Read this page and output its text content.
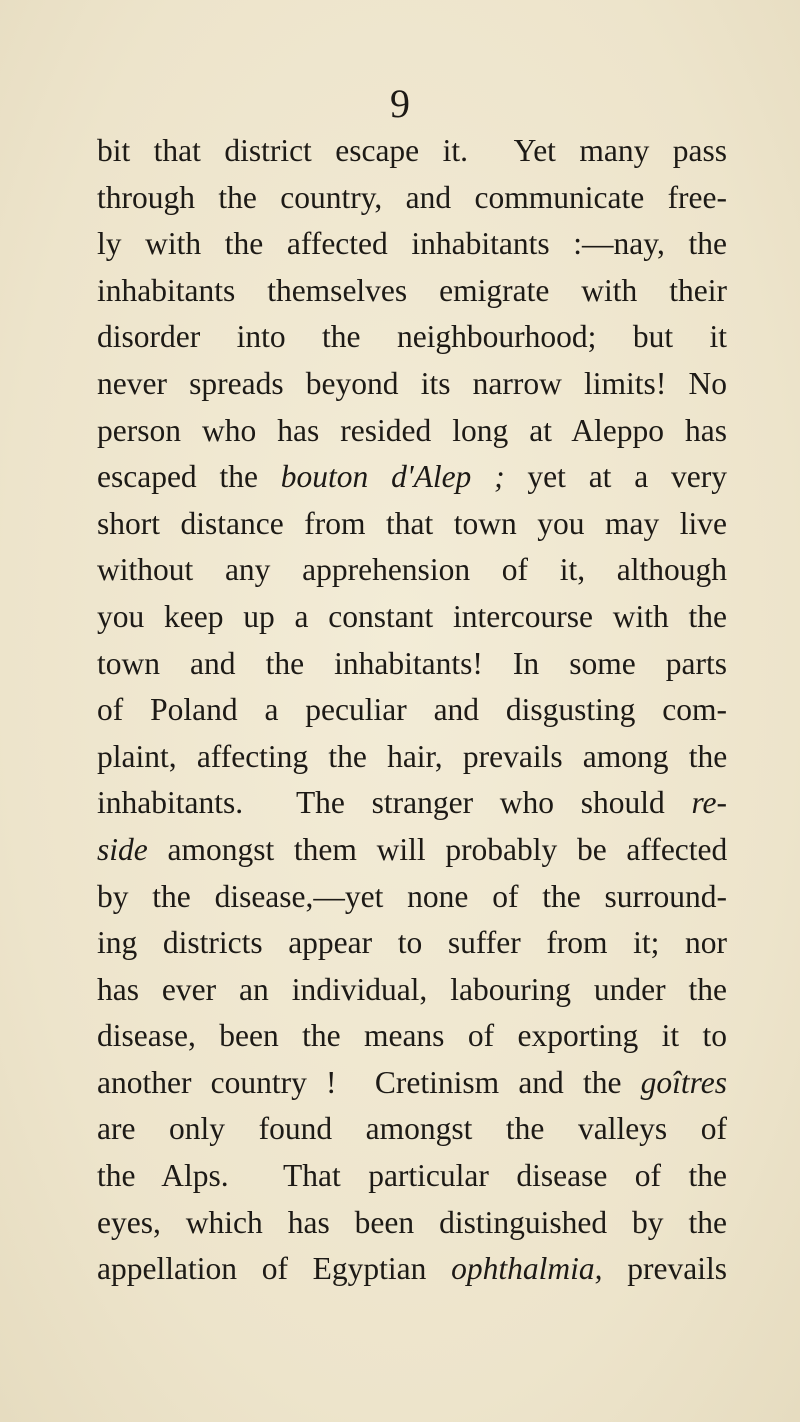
9
bit that district escape it.  Yet many pass
through the country, and communicate free-
ly with the affected inhabitants :—nay, the
inhabitants themselves emigrate with their
disorder into the neighbourhood; but it
never spreads beyond its narrow limits! No
person who has resided long at Aleppo has
escaped the bouton d'Alep ; yet at a very
short distance from that town you may live
without any apprehension of it, although
you keep up a constant intercourse with the
town and the inhabitants! In some parts
of Poland a peculiar and disgusting com-
plaint, affecting the hair, prevails among the
inhabitants.  The stranger who should re-
side amongst them will probably be affected
by the disease,—yet none of the surround-
ing districts appear to suffer from it; nor
has ever an individual, labouring under the
disease, been the means of exporting it to
another country !  Cretinism and the goîtres
are only found amongst the valleys of
the Alps.  That particular disease of the
eyes, which has been distinguished by the
appellation of Egyptian ophthalmia, prevails
